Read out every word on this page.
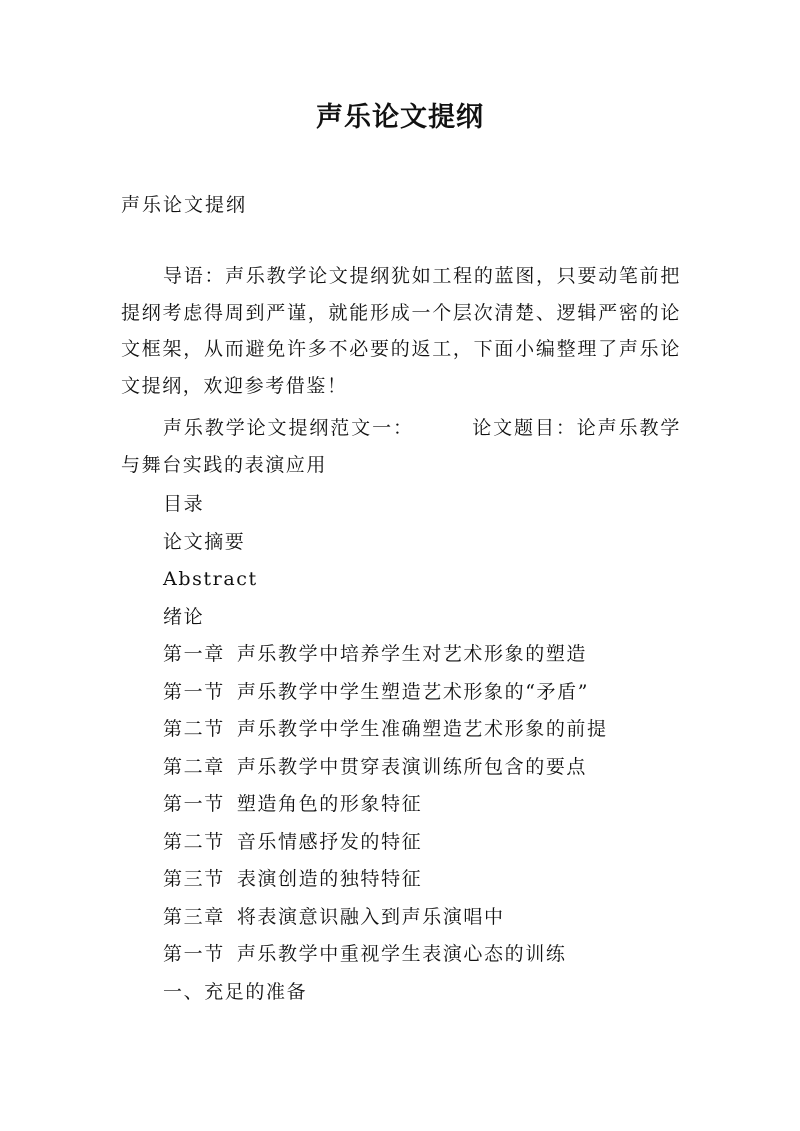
声乐论文提纲
声乐论文提纲

导语：声乐教学论文提纲犹如工程的蓝图，只要动笔前把提纲考虑得周到严谨，就能形成一个层次清楚、逻辑严密的论文框架，从而避免许多不必要的返工，下面小编整理了声乐论文提纲，欢迎参考借鉴！

声乐教学论文提纲范文一：	论文题目：论声乐教学与舞台实践的表演应用

目录
论文摘要
Abstract
绪论
第一章 声乐教学中培养学生对艺术形象的塑造
第一节 声乐教学中学生塑造艺术形象的“矛盾”
第二节 声乐教学中学生准确塑造艺术形象的前提
第二章 声乐教学中贯穿表演训练所包含的要点
第一节 塑造角色的形象特征
第二节 音乐情感抒发的特征
第三节 表演创造的独特特征
第三章 将表演意识融入到声乐演唱中
第一节 声乐教学中重视学生表演心态的训练
一、充足的准备
